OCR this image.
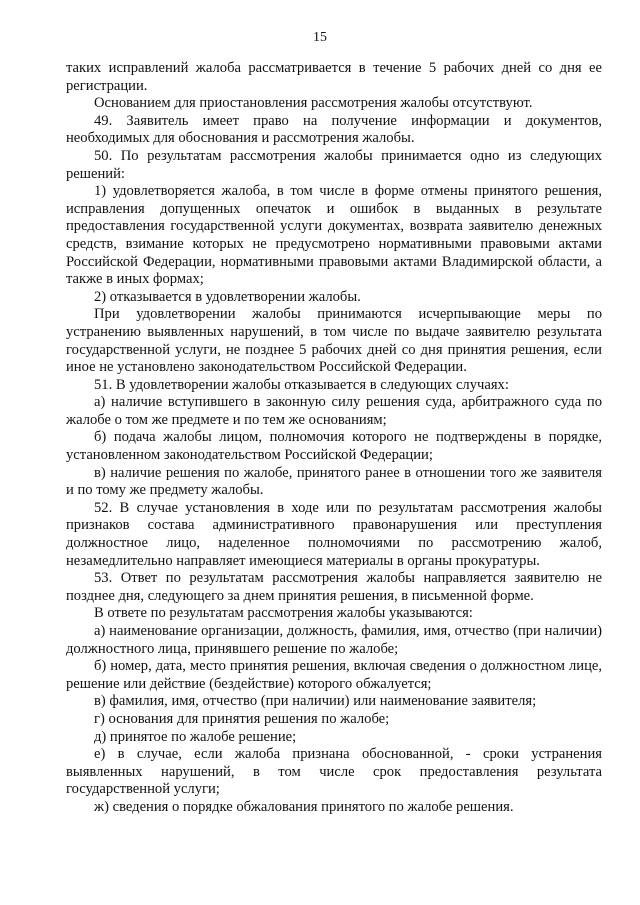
15

таких исправлений жалоба рассматривается в течение 5 рабочих дней со дня ее регистрации.

Основанием для приостановления рассмотрения жалобы отсутствуют.

49. Заявитель имеет право на получение информации и документов, необходимых для обоснования и рассмотрения жалобы.

50. По результатам рассмотрения жалобы принимается одно из следующих решений:

1) удовлетворяется жалоба, в том числе в форме отмены принятого решения, исправления допущенных опечаток и ошибок в выданных в результате предоставления государственной услуги документах, возврата заявителю денежных средств, взимание которых не предусмотрено нормативными правовыми актами Российской Федерации, нормативными правовыми актами Владимирской области, а также в иных формах;

2) отказывается в удовлетворении жалобы.

При удовлетворении жалобы принимаются исчерпывающие меры по устранению выявленных нарушений, в том числе по выдаче заявителю результата государственной услуги, не позднее 5 рабочих дней со дня принятия решения, если иное не установлено законодательством Российской Федерации.

51. В удовлетворении жалобы отказывается в следующих случаях:

а) наличие вступившего в законную силу решения суда, арбитражного суда по жалобе о том же предмете и по тем же основаниям;

б) подача жалобы лицом, полномочия которого не подтверждены в порядке, установленном законодательством Российской Федерации;

в) наличие решения по жалобе, принятого ранее в отношении того же заявителя и по тому же предмету жалобы.

52. В случае установления в ходе или по результатам рассмотрения жалобы признаков состава административного правонарушения или преступления должностное лицо, наделенное полномочиями по рассмотрению жалоб, незамедлительно направляет имеющиеся материалы в органы прокуратуры.

53. Ответ по результатам рассмотрения жалобы направляется заявителю не позднее дня, следующего за днем принятия решения, в письменной форме.

В ответе по результатам рассмотрения жалобы указываются:

а) наименование организации, должность, фамилия, имя, отчество (при наличии) должностного лица, принявшего решение по жалобе;

б) номер, дата, место принятия решения, включая сведения о должностном лице, решение или действие (бездействие) которого обжалуется;

в) фамилия, имя, отчество (при наличии) или наименование заявителя;

г) основания для принятия решения по жалобе;

д) принятое по жалобе решение;

е) в случае, если жалоба признана обоснованной, - сроки устранения выявленных нарушений, в том числе срок предоставления результата государственной услуги;

ж) сведения о порядке обжалования принятого по жалобе решения.
